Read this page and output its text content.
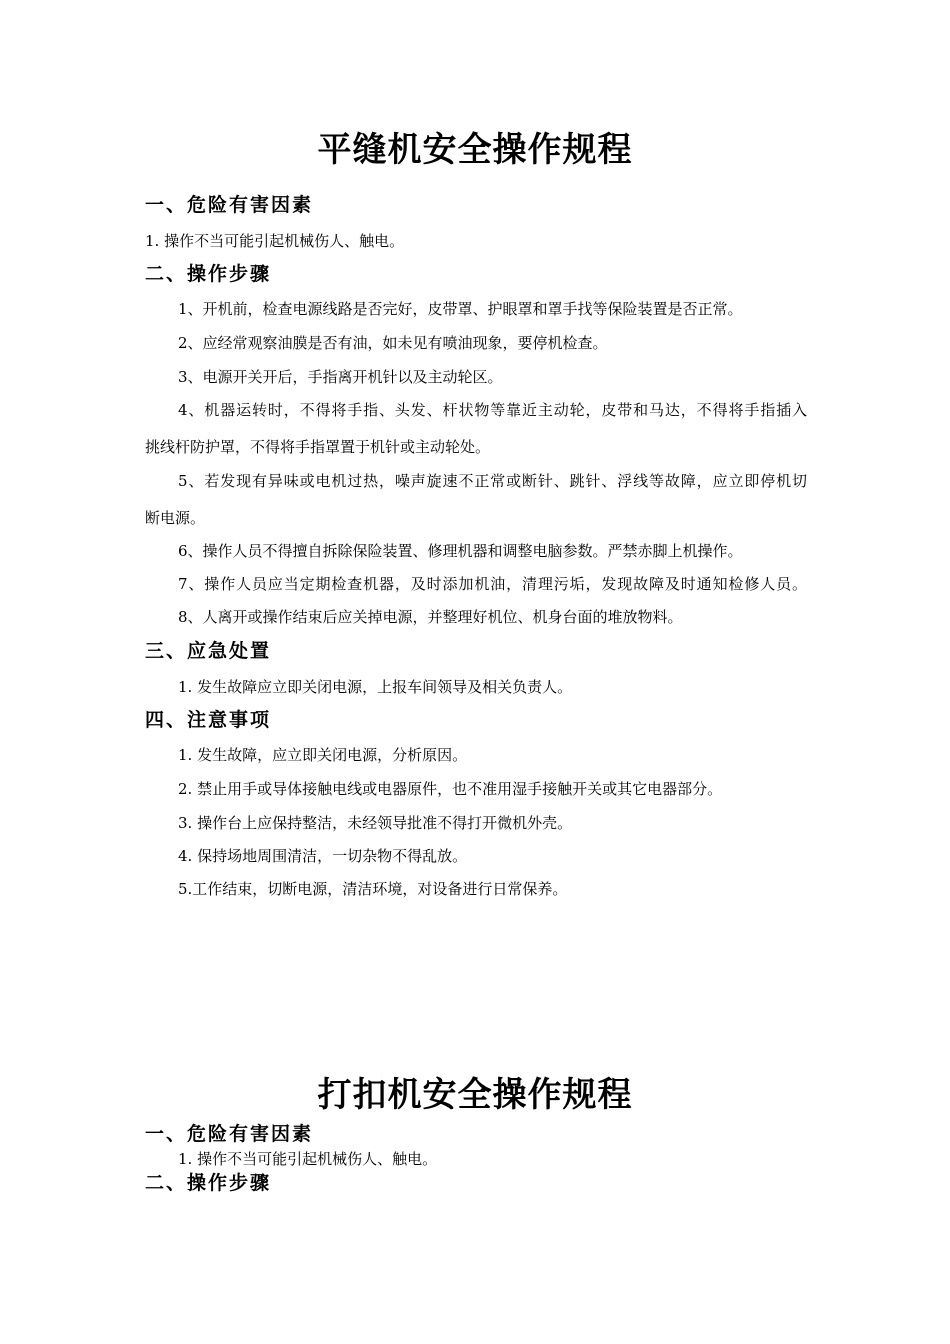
平缝机安全操作规程
一、危险有害因素

1. 操作不当可能引起机械伤人、触电。

二、操作步骤

1、开机前，检查电源线路是否完好，皮带罩、护眼罩和罩手找等保险装置是否正常。

2、应经常观察油膜是否有油，如未见有喷油现象，要停机检查。

3、电源开关开后，手指离开机针以及主动轮区。

4、机器运转时，不得将手指、头发、杆状物等靠近主动轮，皮带和马达，不得将手指插入

挑线杆防护罩，不得将手指罩置于机针或主动轮处。

5、若发现有异味或电机过热，噪声旋速不正常或断针、跳针、浮线等故障，应立即停机切

断电源。

6、操作人员不得擅自拆除保险装置、修理机器和调整电脑参数。严禁赤脚上机操作。

7、操作人员应当定期检查机器，及时添加机油，清理污垢，发现故障及时通知检修人员。

8、人离开或操作结束后应关掉电源，并整理好机位、机身台面的堆放物料。

三、应急处置

1. 发生故障应立即关闭电源，上报车间领导及相关负责人。

四、注意事项

1. 发生故障，应立即关闭电源，分析原因。

2. 禁止用手或导体接触电线或电器原件，也不准用湿手接触开关或其它电器部分。

3. 操作台上应保持整洁，未经领导批准不得打开微机外壳。

4. 保持场地周围清洁，一切杂物不得乱放。

5.工作结束，切断电源，清洁环境，对设备进行日常保养。

打扣机安全操作规程
一、危险有害因素

1. 操作不当可能引起机械伤人、触电。

二、操作步骤
